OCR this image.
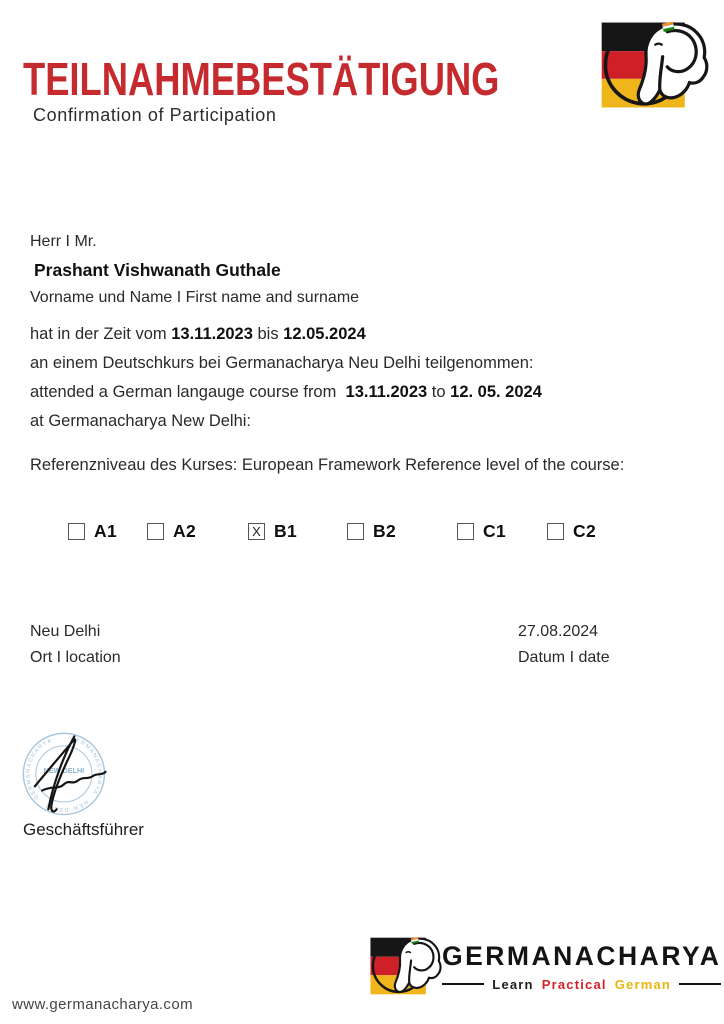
TEILNAHMEBESTÄTIGUNG
Confirmation of Participation
Herr I Mr.
Prashant Vishwanath Guthale
Vorname und Name I First name and surname
hat in der Zeit vom 13.11.2023 bis 12.05.2024
an einem Deutschkurs bei Germanacharya Neu Delhi teilgenommen:
attended a German langauge course from  13.11.2023 to 12. 05. 2024
at Germanacharya New Delhi:
Referenzniveau des Kurses: European Framework Reference level of the course:
A1	A2	X B1	B2	C1	C2
Neu Delhi
Ort I location
27.08.2024
Datum I date
· GERMANACHARYA · NEW DELHI · GERMANACHARYA ·
NEW DELHI
Geschäftsführer
GERMANACHARYA
Learn Practical German
www.germanacharya.com
